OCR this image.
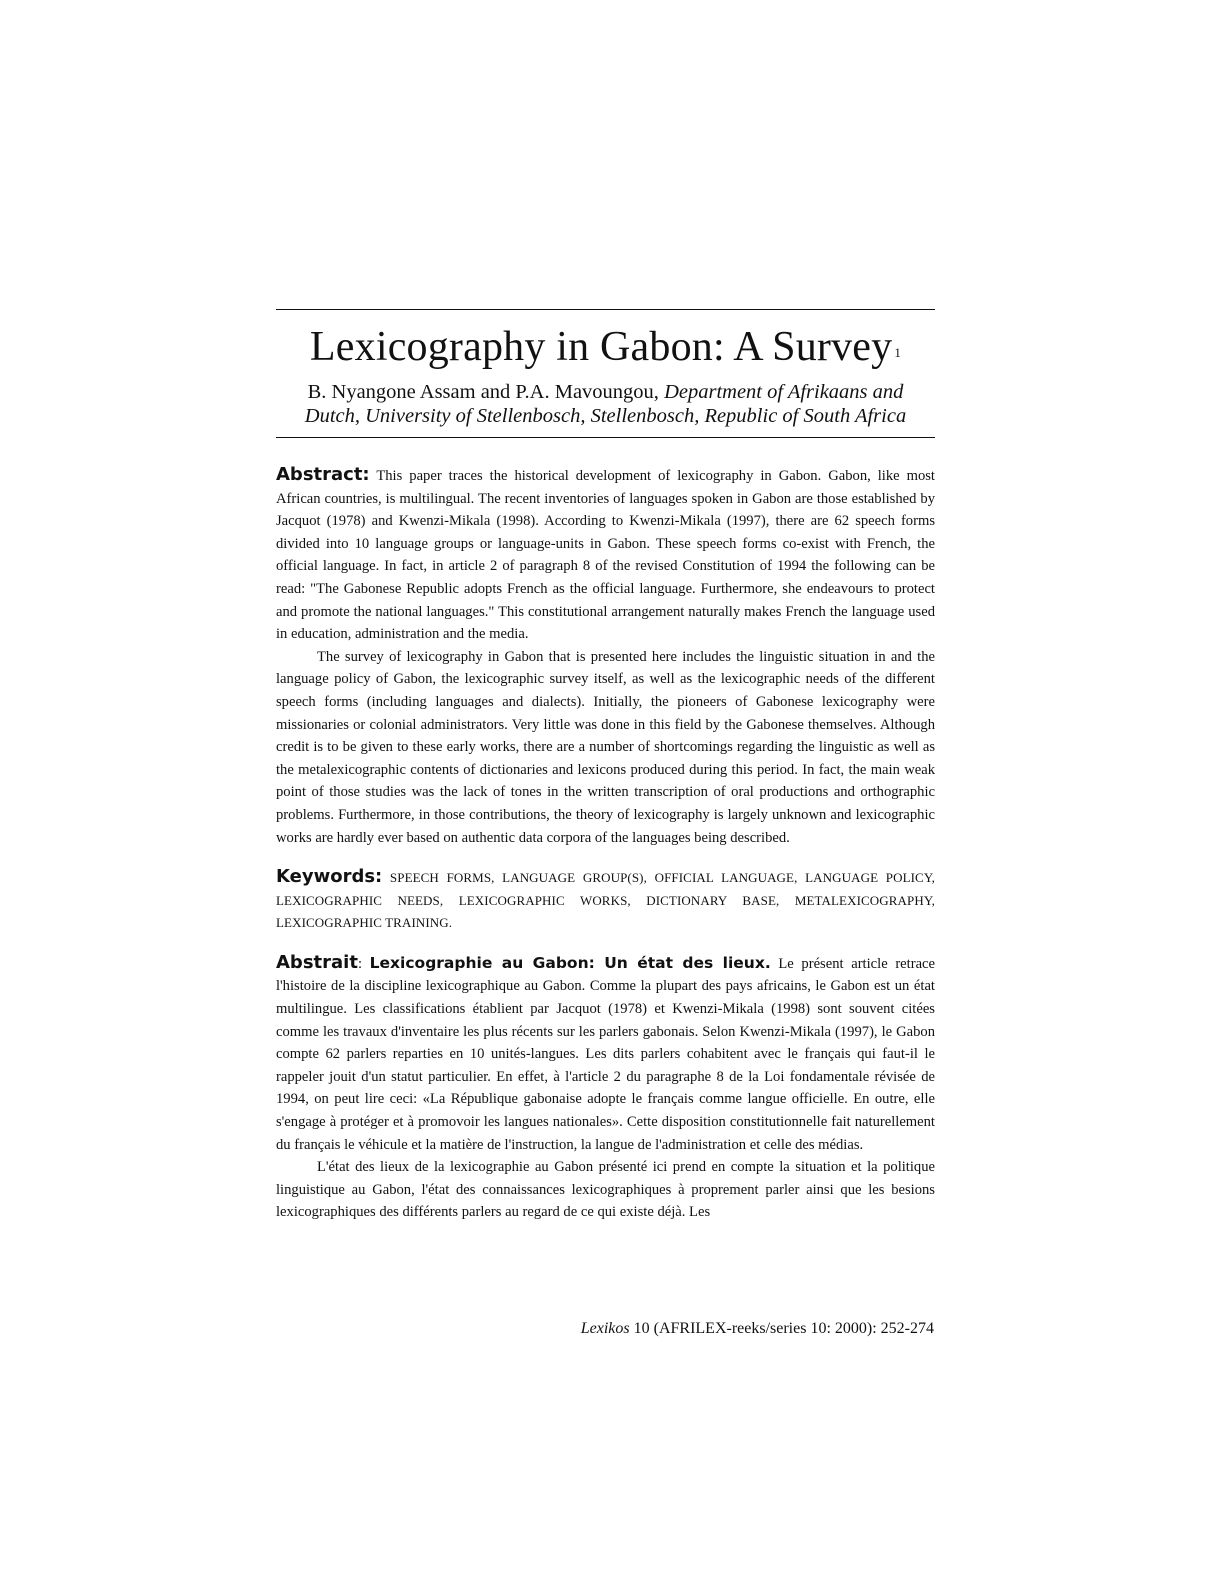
Lexicography in Gabon: A Survey $^1$

B. Nyangone Assam and P.A. Mavoungou, Department of Afrikaans and
Dutch, University of Stellenbosch, Stellenbosch, Republic of South Africa

Abstract: This paper traces the historical development of lexicography in Gabon. Gabon, like most African countries, is multilingual. The recent inventories of languages spoken in Gabon are those established by Jacquot (1978) and Kwenzi-Mikala (1998). According to Kwenzi-Mikala (1997), there are 62 speech forms divided into 10 language groups or language-units in Gabon. These speech forms co-exist with French, the official language. In fact, in article 2 of paragraph 8 of the revised Constitution of 1994 the following can be read: "The Gabonese Republic adopts French as the official language. Furthermore, she endeavours to protect and promote the national languages." This constitutional arrangement naturally makes French the language used in education, administration and the media.

The survey of lexicography in Gabon that is presented here includes the linguistic situation in and the language policy of Gabon, the lexicographic survey itself, as well as the lexicographic needs of the different speech forms (including languages and dialects). Initially, the pioneers of Gabonese lexicography were missionaries or colonial administrators. Very little was done in this field by the Gabonese themselves. Although credit is to be given to these early works, there are a number of shortcomings regarding the linguistic as well as the metalexicographic contents of dictionaries and lexicons produced during this period. In fact, the main weak point of those studies was the lack of tones in the written transcription of oral productions and orthographic problems. Furthermore, in those contributions, the theory of lexicography is largely unknown and lexicographic works are hardly ever based on authentic data corpora of the languages being described.

Keywords: SPEECH FORMS, LANGUAGE GROUP(S), OFFICIAL LANGUAGE, LANGUAGE POLICY, LEXICOGRAPHIC NEEDS, LEXICOGRAPHIC WORKS, DICTIONARY BASE, METALEXICOGRAPHY, LEXICOGRAPHIC TRAINING.

Abstrait: Lexicographie au Gabon: Un état des lieux. Le présent article retrace l'histoire de la discipline lexicographique au Gabon. Comme la plupart des pays africains, le Gabon est un état multilingue. Les classifications établient par Jacquot (1978) et Kwenzi-Mikala (1998) sont souvent citées comme les travaux d'inventaire les plus récents sur les parlers gabonais. Selon Kwenzi-Mikala (1997), le Gabon compte 62 parlers reparties en 10 unités-langues. Les dits parlers cohabitent avec le français qui faut-il le rappeler jouit d'un statut particulier. En effet, à l'article 2 du paragraphe 8 de la Loi fondamentale révisée de 1994, on peut lire ceci: «La République gabonaise adopte le français comme langue officielle. En outre, elle s'engage à protéger et à promovoir les langues nationales». Cette disposition constitutionnelle fait naturellement du français le véhicule et la matière de l'instruction, la langue de l'administration et celle des médias.

L'état des lieux de la lexicographie au Gabon présenté ici prend en compte la situation et la politique linguistique au Gabon, l'état des connaissances lexicographiques à proprement parler ainsi que les besions lexicographiques des différents parlers au regard de ce qui existe déjà. Les

Lexikos 10 (AFRILEX-reeks/series 10: 2000): 252-274
